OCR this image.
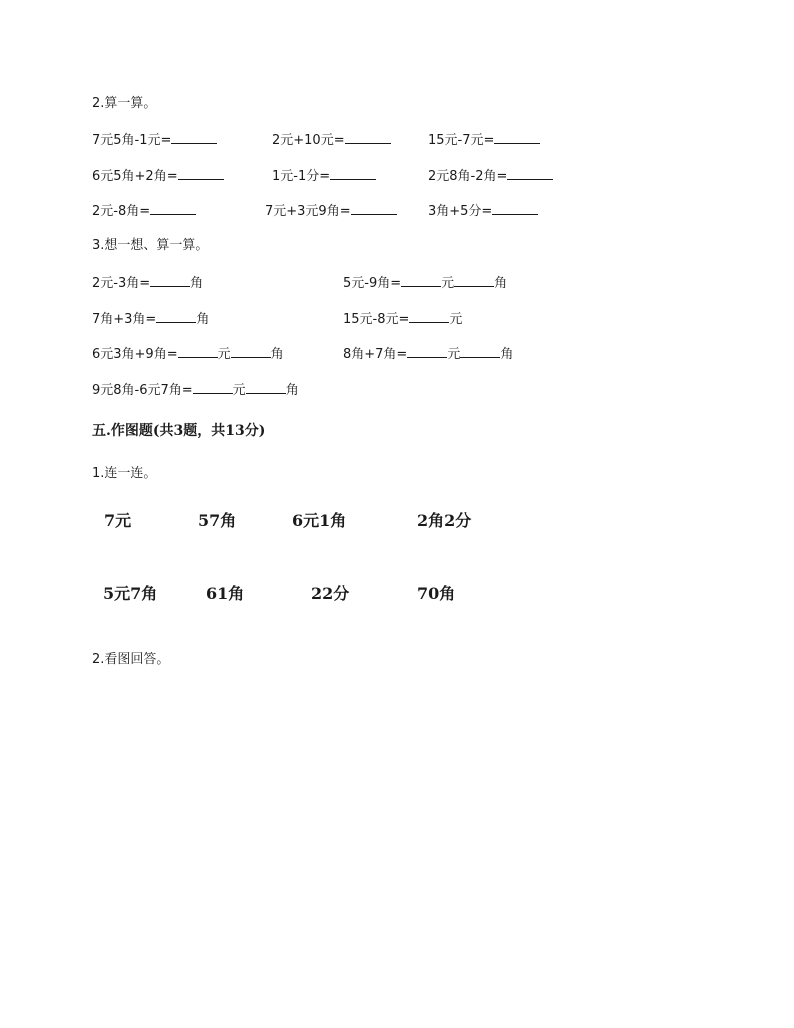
2.算一算。
7元5角-1元=	2元+10元=	15元-7元=
6元5角+2角=	1元-1分=	2元8角-2角=
2元-8角=	7元+3元9角=	3角+5分=
3.想一想、算一算。
2元-3角=	角	5元-9角=	元	角
7角+3角=	角	15元-8元=	元
6元3角+9角=	元	角	8角+7角=	元	角
9元8角-6元7角=	元	角
五.作图题(共3题，共13分)
1.连一连。
7元	57角	6元1角	2角2分
5元7角	61角	22分	70角
2.看图回答。
